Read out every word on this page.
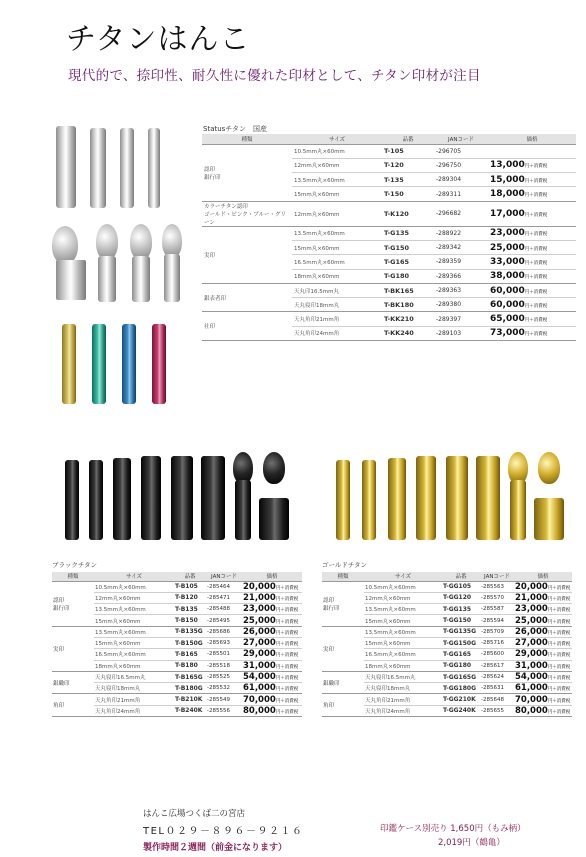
チタンはんこ
現代的で、捺印性、耐久性に優れた印材として、チタン印材が注目
Statusチタン　国産
種類	サイズ	品番	JANコード	価格
認印
銀行印	10.5mm丸×60mm	T-105	-296705	
	12mm丸×60mm	T-120	-296750	13,000円＋消費税
	13.5mm丸×60mm	T-135	-289304	15,000円＋消費税
	15mm丸×60mm	T-150	-289311	18,000円＋消費税
カラーチタン認印
ゴールド・ピンク・ブルー・グリーン	12mm丸×60mm	T-K120	-296682	17,000円＋消費税
実印	13.5mm丸×60mm	T-G135	-288922	23,000円＋消費税
	15mm丸×60mm	T-G150	-289342	25,000円＋消費税
	16.5mm丸×60mm	T-G165	-289359	33,000円＋消費税
	18mm丸×60mm	T-G180	-289366	38,000円＋消費税
銀表者印	天丸印16.5mm丸	T-BK165	-289363	60,000円＋消費税
	天丸寝印18mm丸	T-BK180	-289380	60,000円＋消費税
社印	天丸角印21mm角	T-KK210	-289397	65,000円＋消費税
	天丸角印24mm角	T-KK240	-289103	73,000円＋消費税
ブラックチタン
種類	サイズ	品番	JANコード	価格
認印
銀行印	10.5mm丸×60mm	T-B105	-285464	20,000円＋消費税
	12mm丸×60mm	T-B120	-285471	21,000円＋消費税
	13.5mm丸×60mm	T-B135	-285488	23,000円＋消費税
	15mm丸×60mm	T-B150	-285495	25,000円＋消費税
実印	13.5mm丸×60mm	T-B135G	-285686	26,000円＋消費税
	15mm丸×60mm	T-B150G	-285693	27,000円＋消費税
	16.5mm丸×60mm	T-B165	-285501	29,000円＋消費税
	18mm丸×60mm	T-B180	-285518	31,000円＋消費税
銀職印	天丸寝印16.5mm丸	T-B165G	-285525	54,000円＋消費税
	天丸寝印18mm丸	T-B180G	-285532	61,000円＋消費税
角印	天丸角印21mm角	T-B210K	-285549	70,000円＋消費税
	天丸角印24mm角	T-B240K	-285556	80,000円＋消費税
ゴールドチタン
種類	サイズ	品番	JANコード	価格
認印
銀行印	10.5mm丸×60mm	T-GG105	-285563	20,000円＋消費税
	12mm丸×60mm	T-GG120	-285570	21,000円＋消費税
	13.5mm丸×60mm	T-GG135	-285587	23,000円＋消費税
	15mm丸×60mm	T-GG150	-285594	25,000円＋消費税
実印	13.5mm丸×60mm	T-GG135G	-285709	26,000円＋消費税
	15mm丸×60mm	T-GG150G	-285716	27,000円＋消費税
	16.5mm丸×60mm	T-GG165	-285600	29,000円＋消費税
	18mm丸×60mm	T-GG180	-285617	31,000円＋消費税
銀職印	天丸寝印16.5mm丸	T-GG165G	-285624	54,000円＋消費税
	天丸寝印18mm丸	T-GG180G	-285631	61,000円＋消費税
角印	天丸角印21mm角	T-GG210K	-285648	70,000円＋消費税
	天丸角印24mm角	T-GG240K	-285655	80,000円＋消費税
はんこ広場つくば二の宮店
TEL０２９－８９６－９２１６
製作時間２週間（前金になります）
印鑑ケース別売り 1,650円（もみ柄）
2,019円（鶴亀）
